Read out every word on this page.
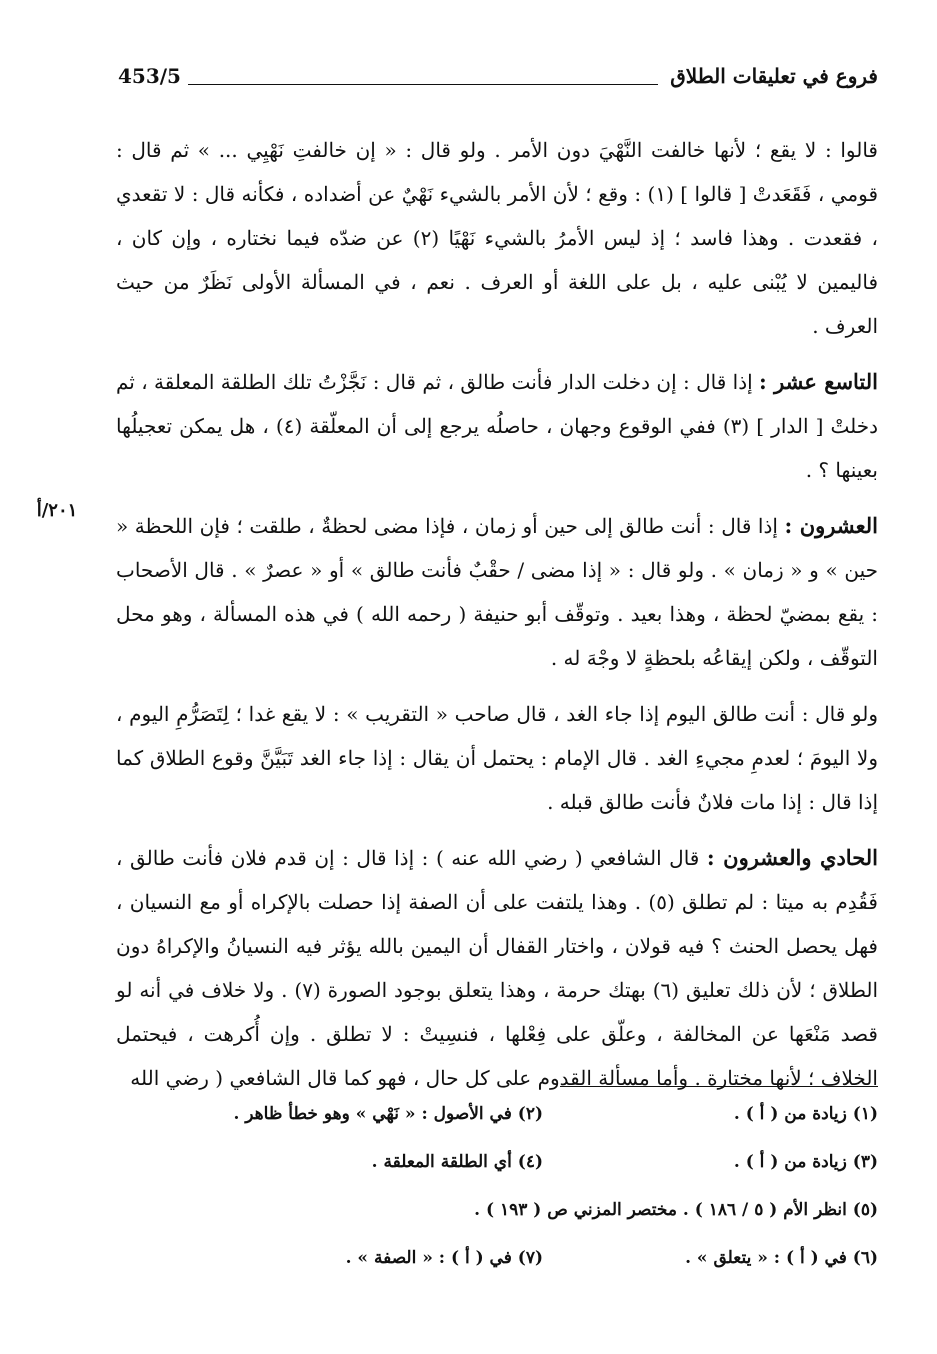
فروع في تعليقات الطلاق
453/5
٢٠١/أ

قالوا : لا يقع ؛ لأنها خالفت النَّهْيَ دون الأمر . ولو قال : « إن خالفتِ نَهْيِي ... » ثم قال : قومي ، فَقَعَدتْ [ قالوا ] (١) : وقع ؛ لأن الأمر بالشيء نَهْيٌ عن أضداده ، فكأنه قال : لا تقعدي ، فقعدت . وهذا فاسد ؛ إذ ليس الأمرُ بالشيء نَهْيًا (٢) عن ضدّه فيما نختاره ، وإن كان ، فاليمين لا يُبْنى عليه ، بل على اللغة أو العرف . نعم ، في المسألة الأولى نَظَرٌ من حيث العرف .

التاسع عشر : إذا قال : إن دخلت الدار فأنت طالق ، ثم قال : نَجَّزْتُ تلك الطلقة المعلقة ، ثم دخلتْ [ الدار ] (٣) ففي الوقوع وجهان ، حاصلُه يرجع إلى أن المعلّقة (٤) ، هل يمكن تعجيلُها بعينها ؟ .

العشرون : إذا قال : أنت طالق إلى حين أو زمان ، فإذا مضى لحظةٌ ، طلقت ؛ فإن اللحظة « حين » و « زمان » . ولو قال : « إذا مضى / حقْبٌ فأنت طالق » أو « عصرٌ » . قال الأصحاب : يقع بمضيّ لحظة ، وهذا بعيد . وتوقّف أبو حنيفة ( رحمه الله ) في هذه المسألة ، وهو محل التوقّف ، ولكن إيقاعُه بلحظةٍ لا وجْهَ له .

ولو قال : أنت طالق اليوم إذا جاء الغد ، قال صاحب « التقريب » : لا يقع غدا ؛ لِتَصَرُّمِ اليوم ، ولا اليومَ ؛ لعدمِ مجيءِ الغد . قال الإمام : يحتمل أن يقال : إذا جاء الغد تَبَيَّنَّ وقوع الطلاق كما إذا قال : إذا مات فلانٌ فأنت طالق قبله .

الحادي والعشرون : قال الشافعي ( رضي الله عنه ) : إذا قال : إن قدم فلان فأنت طالق ، فَقُدِم به ميتا : لم تطلق (٥) . وهذا يلتفت على أن الصفة إذا حصلت بالإكراه أو مع النسيان ، فهل يحصل الحنث ؟ فيه قولان ، واختار القفال أن اليمين بالله يؤثر فيه النسيانُ والإكراهُ دون الطلاق ؛ لأن ذلك تعليق (٦) بهتك حرمة ، وهذا يتعلق بوجود الصورة (٧) . ولا خلاف في أنه لو قصد مَنْعَها عن المخالفة ، وعلّق على فِعْلها ، فنسِيتْ : لا تطلق . وإن أُكرهت ، فيحتمل الخلاف ؛ لأنها مختارة . وأما مسألة القدوم على كل حال ، فهو كما قال الشافعي ( رضي الله

(١) زيادة من ( أ ) .
(٢) في الأصول : « نَهْي » وهو خطأ ظاهر .
(٣) زيادة من ( أ ) .
(٤) أي الطلقة المعلقة .
(٥) انظر الأم ( ٥ / ١٨٦ ) . مختصر المزني ص ( ١٩٣ ) .
(٦) في ( أ ) : « يتعلق » .
(٧) في ( أ ) : « الصفة » .
